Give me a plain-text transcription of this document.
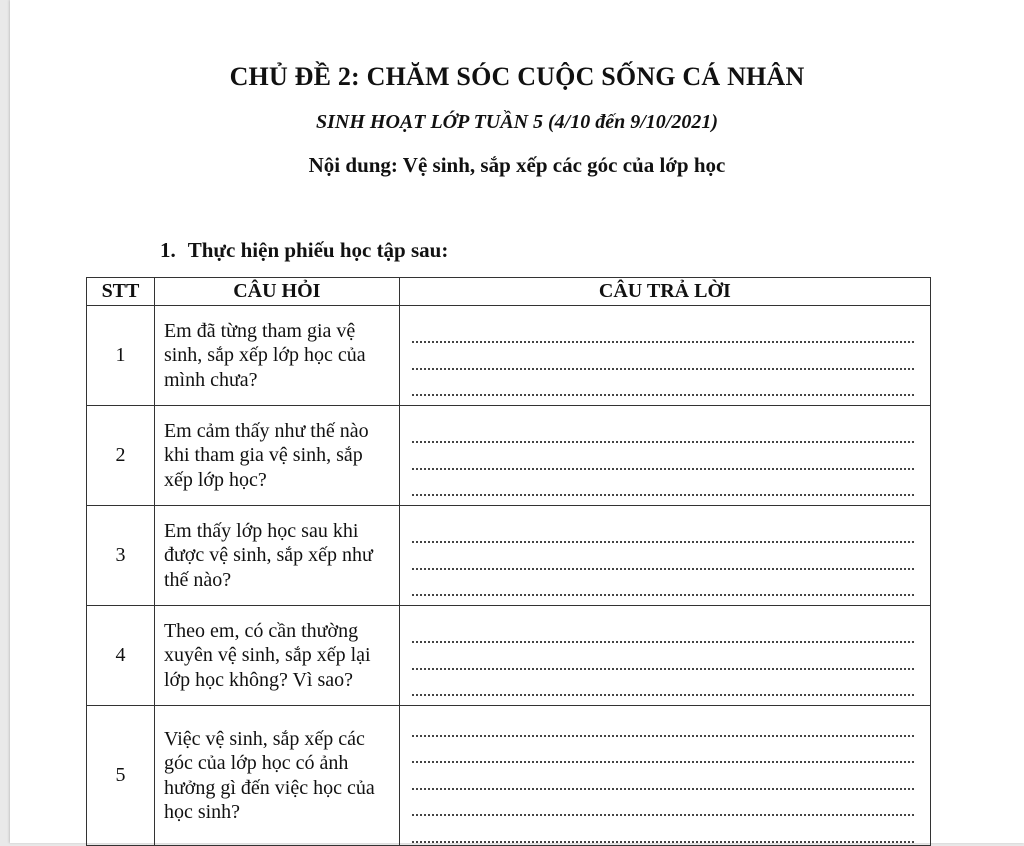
CHỦ ĐỀ 2: CHĂM SÓC CUỘC SỐNG CÁ NHÂN
SINH HOẠT LỚP TUẦN 5 (4/10 đến 9/10/2021)
Nội dung: Vệ sinh, sắp xếp các góc của lớp học
1. Thực hiện phiếu học tập sau:
STT	CÂU HỎI	CÂU TRẢ LỜI
1	Em đã từng tham gia vệ sinh, sắp xếp lớp học của mình chưa?	

2	Em cảm thấy như thế nào khi tham gia vệ sinh, sắp xếp lớp học?	

3	Em thấy lớp học sau khi được vệ sinh, sắp xếp như thế nào?	

4	Theo em, có cần thường xuyên vệ sinh, sắp xếp lại lớp học không? Vì sao?	

5	Việc vệ sinh, sắp xếp các góc của lớp học có ảnh hưởng gì đến việc học của học sinh?	
